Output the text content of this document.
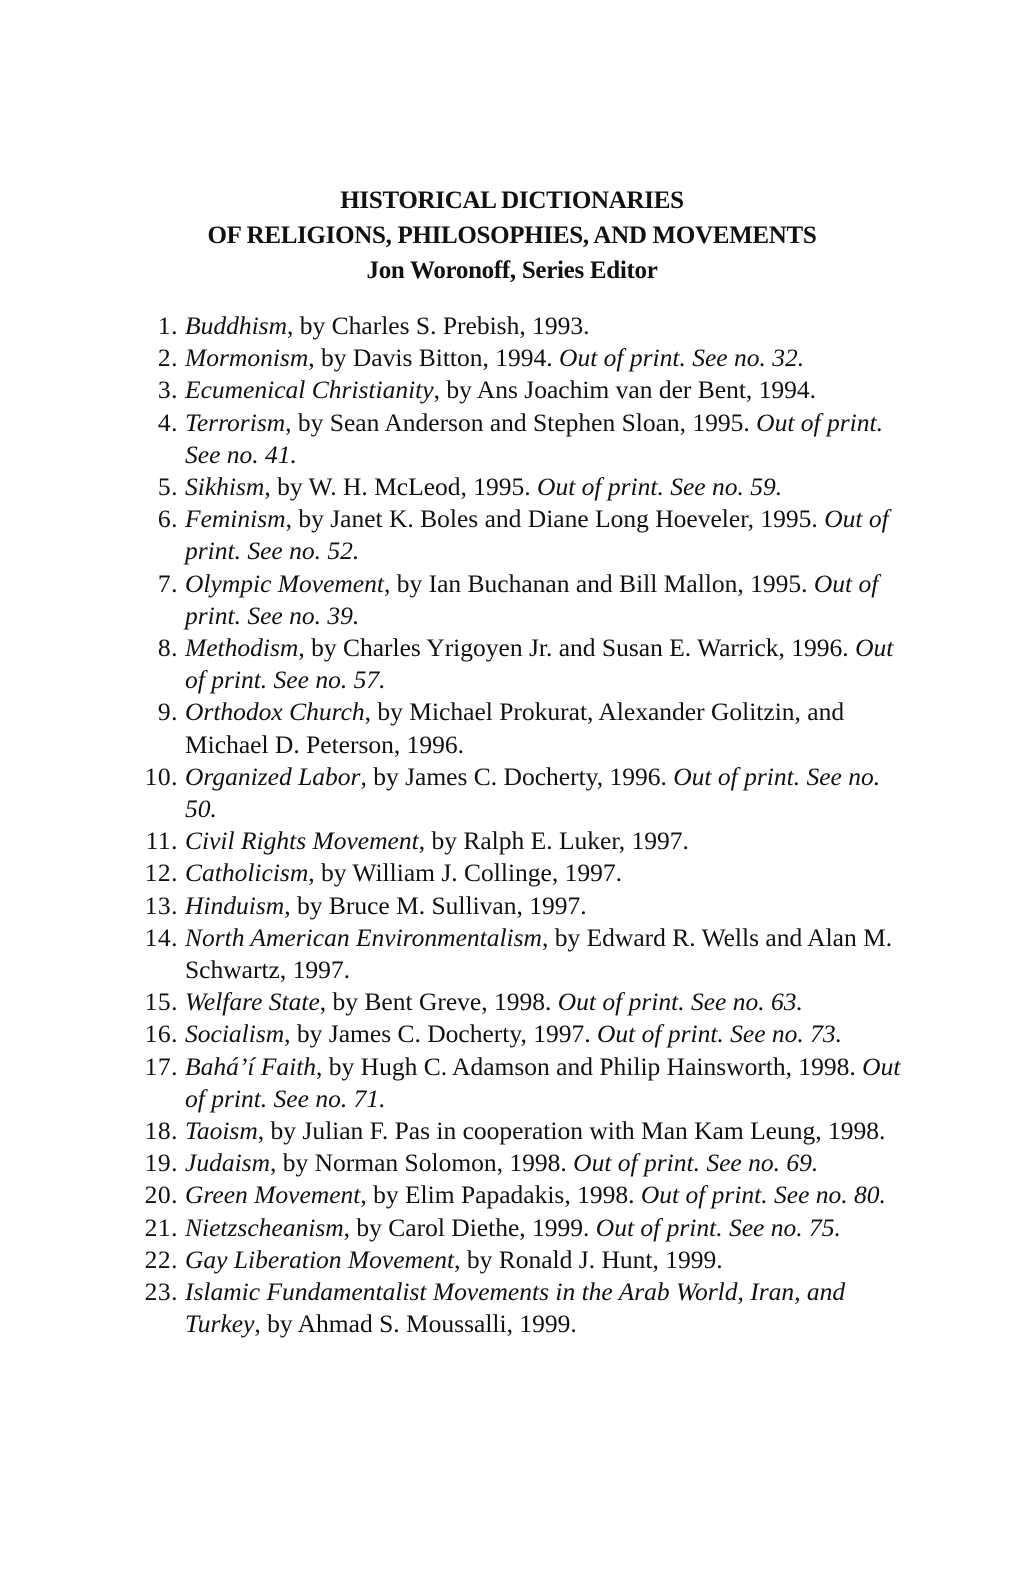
HISTORICAL DICTIONARIES
OF RELIGIONS, PHILOSOPHIES, AND MOVEMENTS
Jon Woronoff, Series Editor
1. Buddhism, by Charles S. Prebish, 1993.
2. Mormonism, by Davis Bitton, 1994. Out of print. See no. 32.
3. Ecumenical Christianity, by Ans Joachim van der Bent, 1994.
4. Terrorism, by Sean Anderson and Stephen Sloan, 1995. Out of print. See no. 41.
5. Sikhism, by W. H. McLeod, 1995. Out of print. See no. 59.
6. Feminism, by Janet K. Boles and Diane Long Hoeveler, 1995. Out of print. See no. 52.
7. Olympic Movement, by Ian Buchanan and Bill Mallon, 1995. Out of print. See no. 39.
8. Methodism, by Charles Yrigoyen Jr. and Susan E. Warrick, 1996. Out of print. See no. 57.
9. Orthodox Church, by Michael Prokurat, Alexander Golitzin, and Michael D. Peterson, 1996.
10. Organized Labor, by James C. Docherty, 1996. Out of print. See no. 50.
11. Civil Rights Movement, by Ralph E. Luker, 1997.
12. Catholicism, by William J. Collinge, 1997.
13. Hinduism, by Bruce M. Sullivan, 1997.
14. North American Environmentalism, by Edward R. Wells and Alan M. Schwartz, 1997.
15. Welfare State, by Bent Greve, 1998. Out of print. See no. 63.
16. Socialism, by James C. Docherty, 1997. Out of print. See no. 73.
17. Bahá’í Faith, by Hugh C. Adamson and Philip Hainsworth, 1998. Out of print. See no. 71.
18. Taoism, by Julian F. Pas in cooperation with Man Kam Leung, 1998.
19. Judaism, by Norman Solomon, 1998. Out of print. See no. 69.
20. Green Movement, by Elim Papadakis, 1998. Out of print. See no. 80.
21. Nietzscheanism, by Carol Diethe, 1999. Out of print. See no. 75.
22. Gay Liberation Movement, by Ronald J. Hunt, 1999.
23. Islamic Fundamentalist Movements in the Arab World, Iran, and Turkey, by Ahmad S. Moussalli, 1999.
